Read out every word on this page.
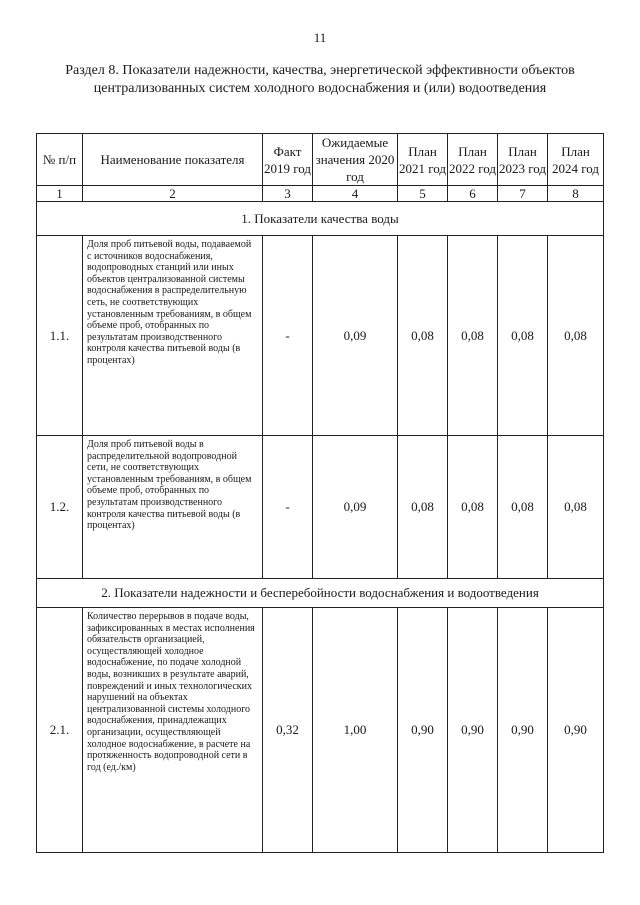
11
Раздел 8. Показатели надежности, качества, энергетической эффективности объектов централизованных систем холодного водоснабжения и (или) водоотведения
№ п/п	Наименование показателя	Факт 2019 год	Ожидаемые значения 2020 год	План 2021 год	План 2022 год	План 2023 год	План 2024 год
1	2	3	4	5	6	7	8
1. Показатели качества воды							
1.1.	Доля проб питьевой воды, подаваемой с источников водоснабжения, водопроводных станций или иных объектов централизованной системы водоснабжения в распределительную сеть, не соответствующих установленным требованиям, в общем объеме проб, отобранных по результатам производственного контроля качества питьевой воды (в процентах)	-	0,09	0,08	0,08	0,08	0,08
1.2.	Доля проб питьевой воды в распределительной водопроводной сети, не соответствующих установленным требованиям, в общем объеме проб, отобранных по результатам производственного контроля качества питьевой воды (в процентах)	-	0,09	0,08	0,08	0,08	0,08
2. Показатели надежности и бесперебойности водоснабжения и водоотведения							
2.1.	Количество перерывов в подаче воды, зафиксированных в местах исполнения обязательств организацией, осуществляющей холодное водоснабжение, по подаче холодной воды, возникших в результате аварий, повреждений и иных технологических нарушений на объектах централизованной системы холодного водоснабжения, принадлежащих организации, осуществляющей холодное водоснабжение, в расчете на протяженность водопроводной сети в год (ед./км)	0,32	1,00	0,90	0,90	0,90	0,90
